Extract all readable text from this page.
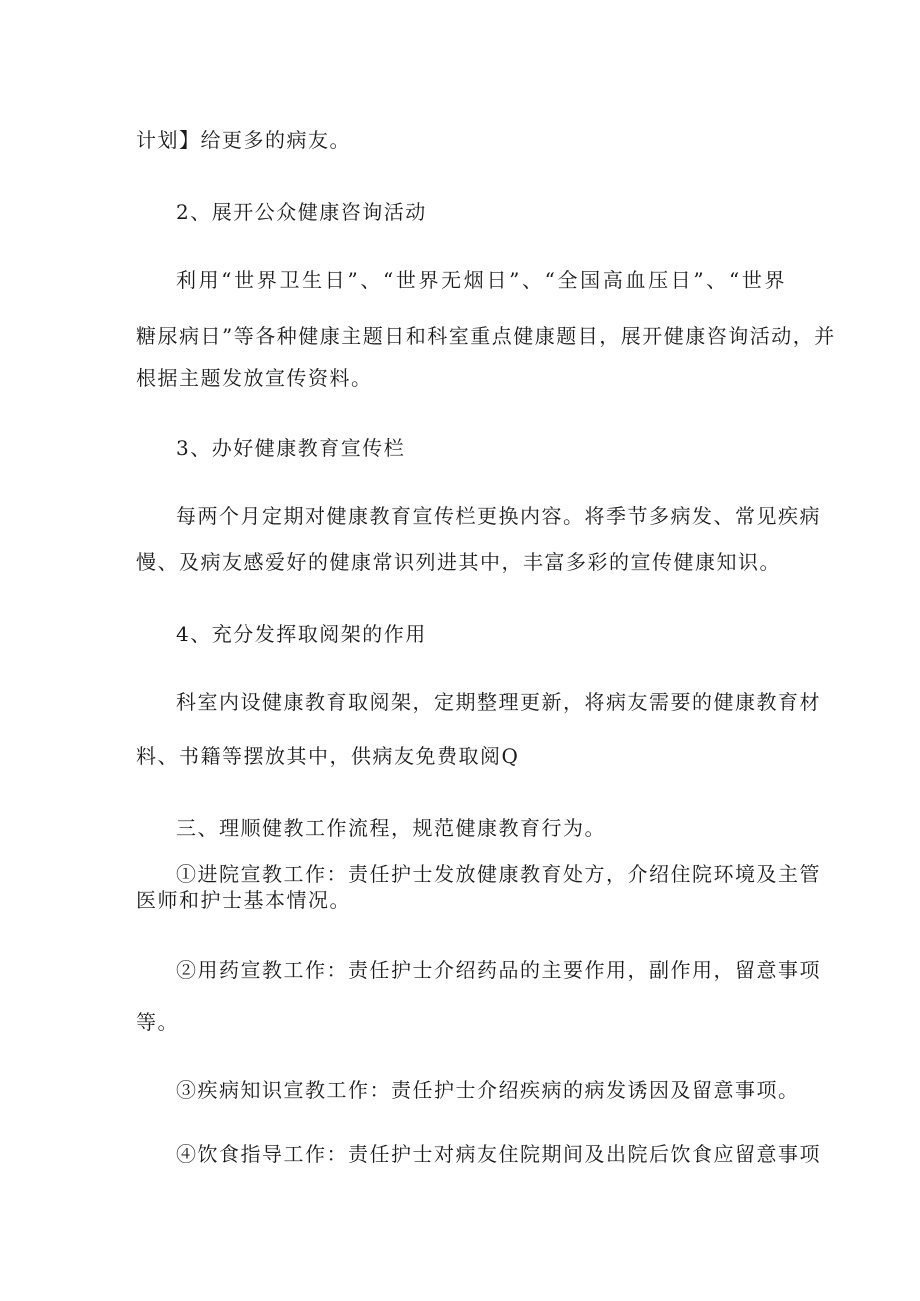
计划】给更多的病友。
2、展开公众健康咨询活动
利用“世界卫生日”、“世界无烟日”、“全国高血压日”、“世界
糖尿病日”等各种健康主题日和科室重点健康题目，展开健康咨询活动，并
根据主题发放宣传资料。
3、办好健康教育宣传栏
每两个月定期对健康教育宣传栏更换内容。将季节多病发、常见疾病
慢、及病友感爱好的健康常识列进其中，丰富多彩的宣传健康知识。
4、充分发挥取阅架的作用
科室内设健康教育取阅架，定期整理更新，将病友需要的健康教育材
料、书籍等摆放其中，供病友免费取阅Q
三、理顺健教工作流程，规范健康教育行为。
①进院宣教工作：责任护士发放健康教育处方，介绍住院环境及主管
医师和护士基本情况。
②用药宣教工作：责任护士介绍药品的主要作用，副作用，留意事项
等。
③疾病知识宣教工作：责任护士介绍疾病的病发诱因及留意事项。
④饮食指导工作：责任护士对病友住院期间及出院后饮食应留意事项
